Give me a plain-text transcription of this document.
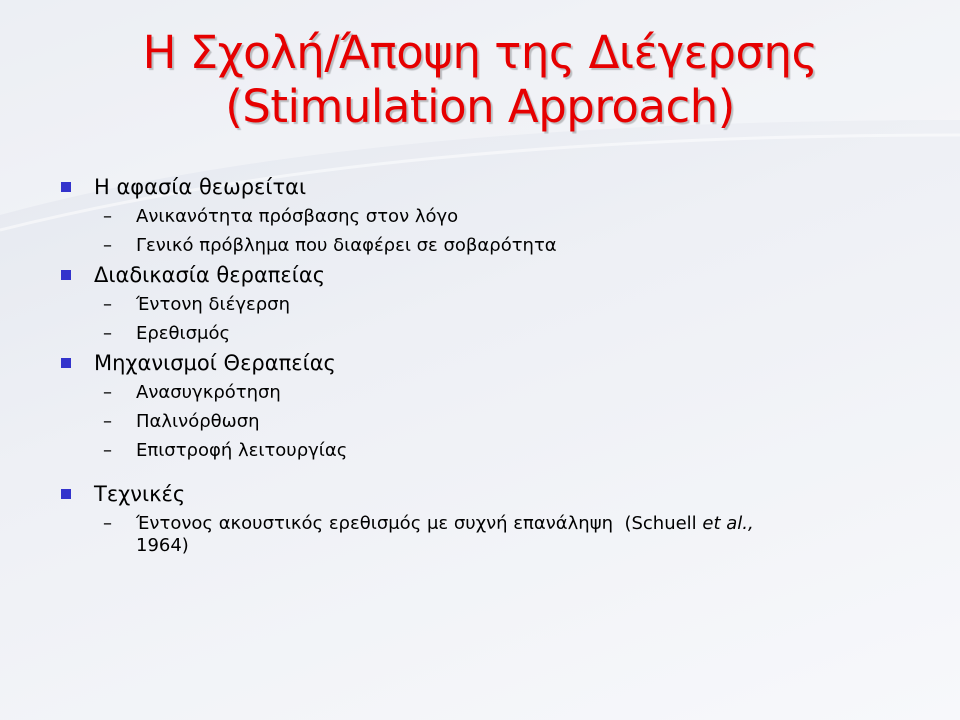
Η Σχολή/Άποψη της Διέγερσης
(Stimulation Approach)
Η αφασία θεωρείται
– Ανικανότητα πρόσβασης στον λόγο
– Γενικό πρόβλημα που διαφέρει σε σοβαρότητα
Διαδικασία θεραπείας
– Έντονη διέγερση
– Ερεθισμός
Μηχανισμοί Θεραπείας
– Ανασυγκρότηση
– Παλινόρθωση
– Επιστροφή λειτουργίας
Τεχνικές
– Έντονος ακουστικός ερεθισμός με συχνή επανάληψη (Schuell et al.,
1964)
